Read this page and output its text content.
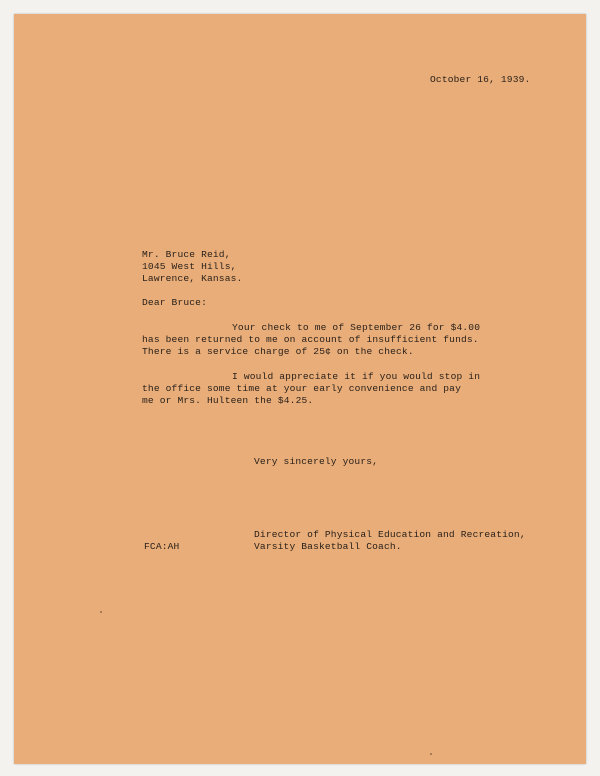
October 16, 1939.
Mr. Bruce Reid,
1045 West Hills,
Lawrence, Kansas.
Dear Bruce:
Your check to me of September 26 for $4.00
has been returned to me on account of insufficient funds.
There is a service charge of 25¢ on the check.
I would appreciate it if you would stop in
the office some time at your early convenience and pay
me or Mrs. Hulteen the $4.25.
Very sincerely yours,
Director of Physical Education and Recreation,
Varsity Basketball Coach.
FCA:AH
